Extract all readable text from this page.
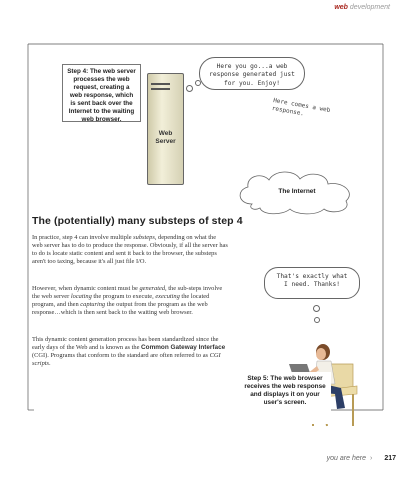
web development
Step 4: The web server processes the web request, creating a web response, which is sent back over the Internet to the waiting web browser.
Web
Server
Here you go...a web response generated just for you. Enjoy!
Here comes a web response.
The Internet
The (potentially) many substeps of step 4

In practice, step 4 can involve multiple substeps, depending on what the web server has to do to produce the response. Obviously, if all the server has to do is locate static content and sent it back to the browser, the substeps aren't too taxing, because it's all just file I/O.

However, when dynamic content must be generated, the sub-steps involve the web server locating the program to execute, executing the located program, and then capturing the output from the program as the web response…which is then sent back to the waiting web browser.

This dynamic content generation process has been standardized since the early days of the Web and is known as the Common Gateway Interface (CGI). Programs that conform to the standard are often referred to as CGI scripts.

That's exactly what I need. Thanks!
Step 5: The web browser receives the web response and displays it on your user's screen.
you are here › 217
